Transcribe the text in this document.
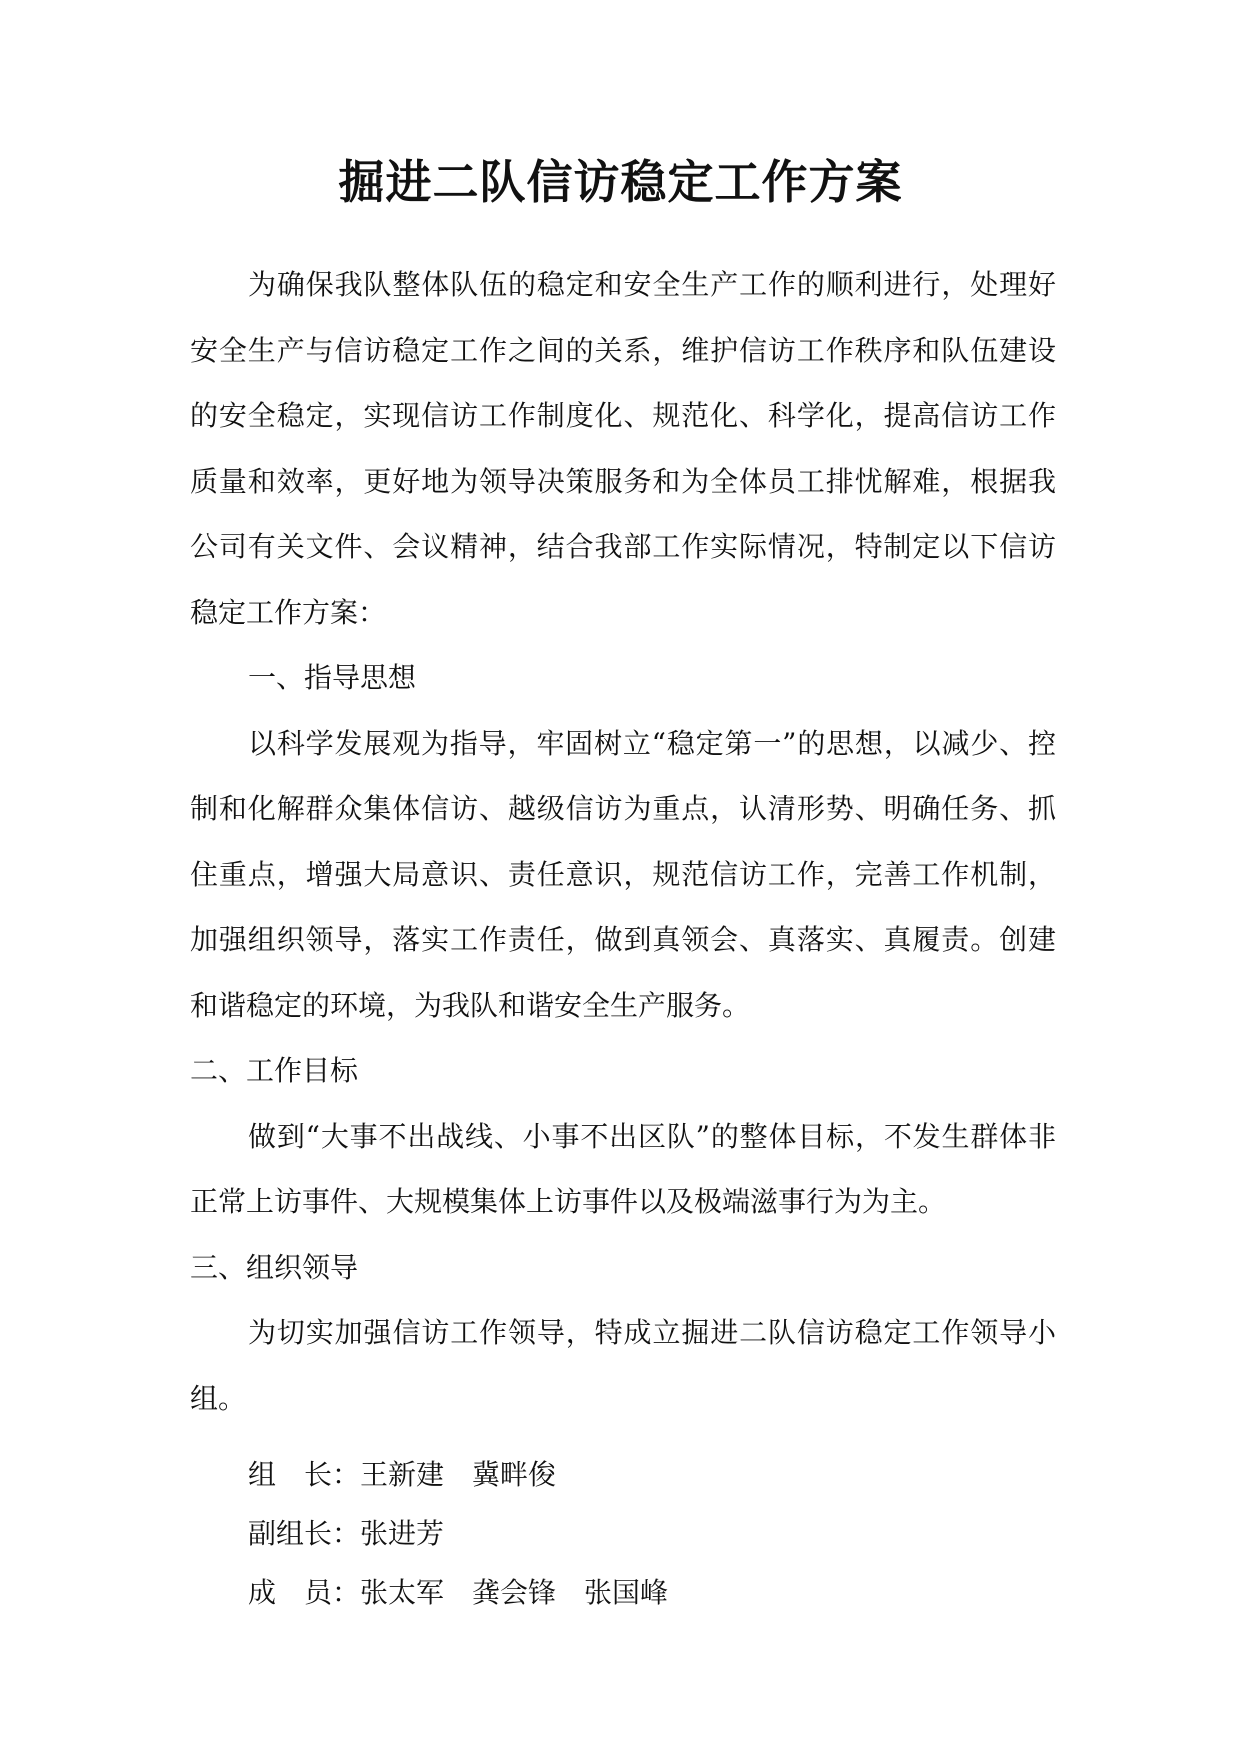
掘进二队信访稳定工作方案

为确保我队整体队伍的稳定和安全生产工作的顺利进行，处理好安全生产与信访稳定工作之间的关系，维护信访工作秩序和队伍建设的安全稳定，实现信访工作制度化、规范化、科学化，提高信访工作质量和效率，更好地为领导决策服务和为全体员工排忧解难，根据我公司有关文件、会议精神，结合我部工作实际情况，特制定以下信访稳定工作方案：

一、指导思想

以科学发展观为指导，牢固树立“稳定第一”的思想，以减少、控制和化解群众集体信访、越级信访为重点，认清形势、明确任务、抓住重点，增强大局意识、责任意识，规范信访工作，完善工作机制，加强组织领导，落实工作责任，做到真领会、真落实、真履责。创建和谐稳定的环境，为我队和谐安全生产服务。

二、工作目标

做到“大事不出战线、小事不出区队”的整体目标，不发生群体非正常上访事件、大规模集体上访事件以及极端滋事行为为主。

三、组织领导

为切实加强信访工作领导，特成立掘进二队信访稳定工作领导小组。

组　长：王新建　冀畔俊

副组长：张进芳

成　员：张太军　龚会锋　张国峰
